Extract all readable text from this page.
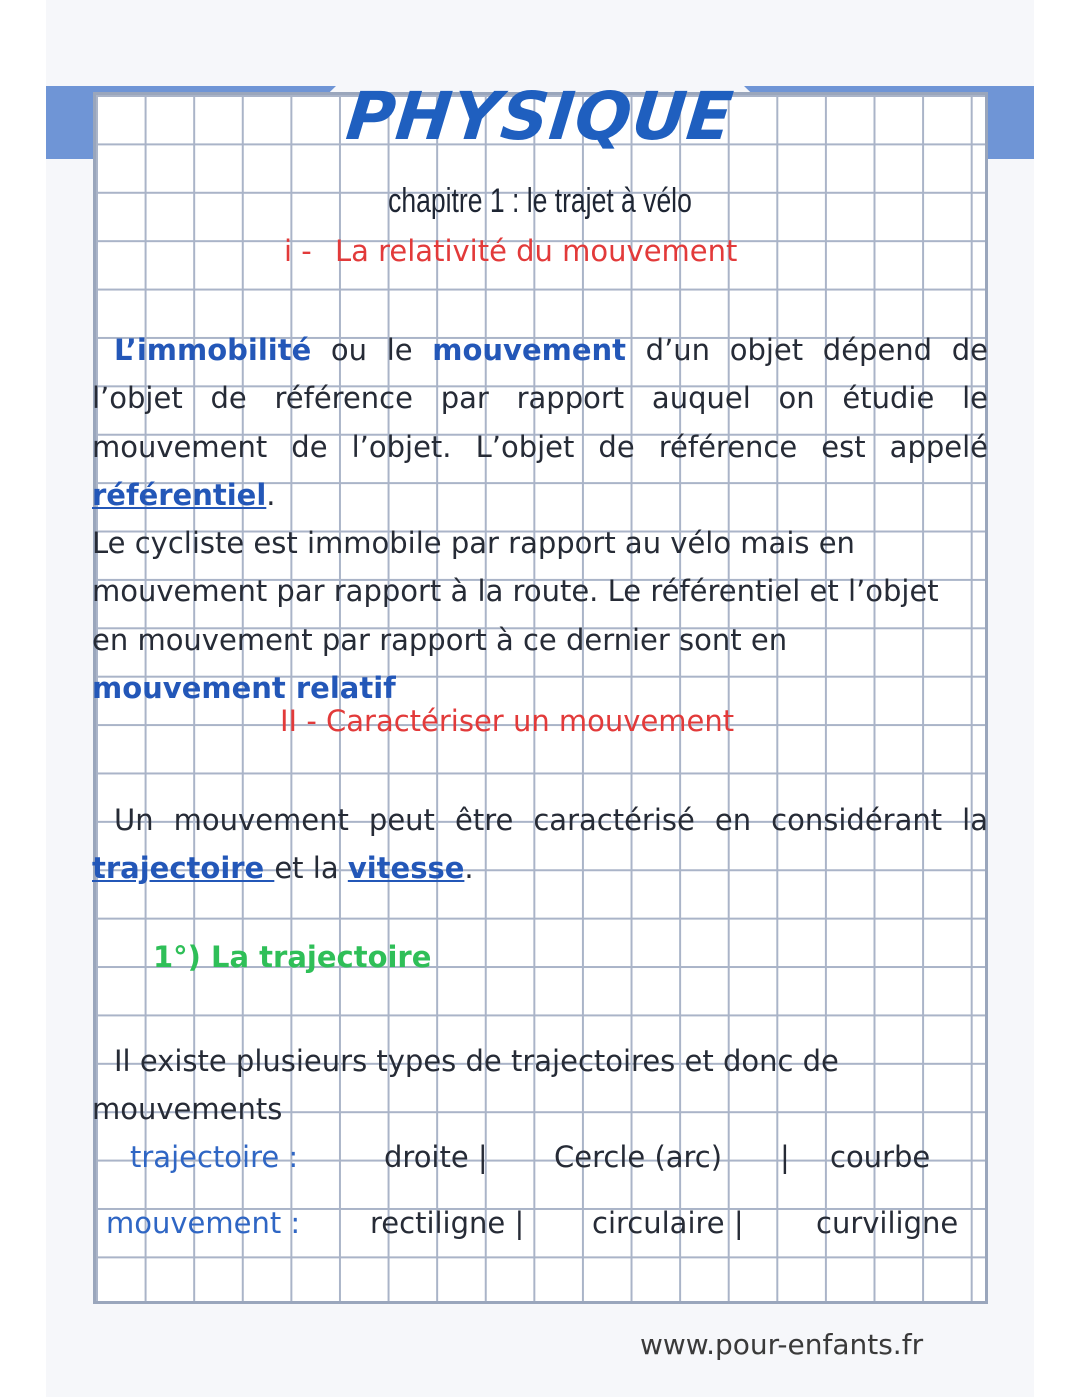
PHYSIQUE
chapitre 1 : le trajet à vélo
i - La relativité du mouvement
L’immobilité ou le mouvement d’un objet dépend de l’objet de référence par rapport auquel on étudie le mouvement de l’objet. L’objet de référence est appelé référentiel.
Le cycliste est immobile par rapport au vélo mais en mouvement par rapport à la route. Le référentiel et l’objet en mouvement par rapport à ce dernier sont en mouvement relatif
II - Caractériser un mouvement
Un mouvement peut être caractérisé en considérant la trajectoire et la vitesse.
1°) La trajectoire
Il existe plusieurs types de trajectoires et donc de mouvements
trajectoire :	droite | Cercle (arc) | courbe
mouvement : rectiligne | circulaire | curviligne
www.pour-enfants.fr
